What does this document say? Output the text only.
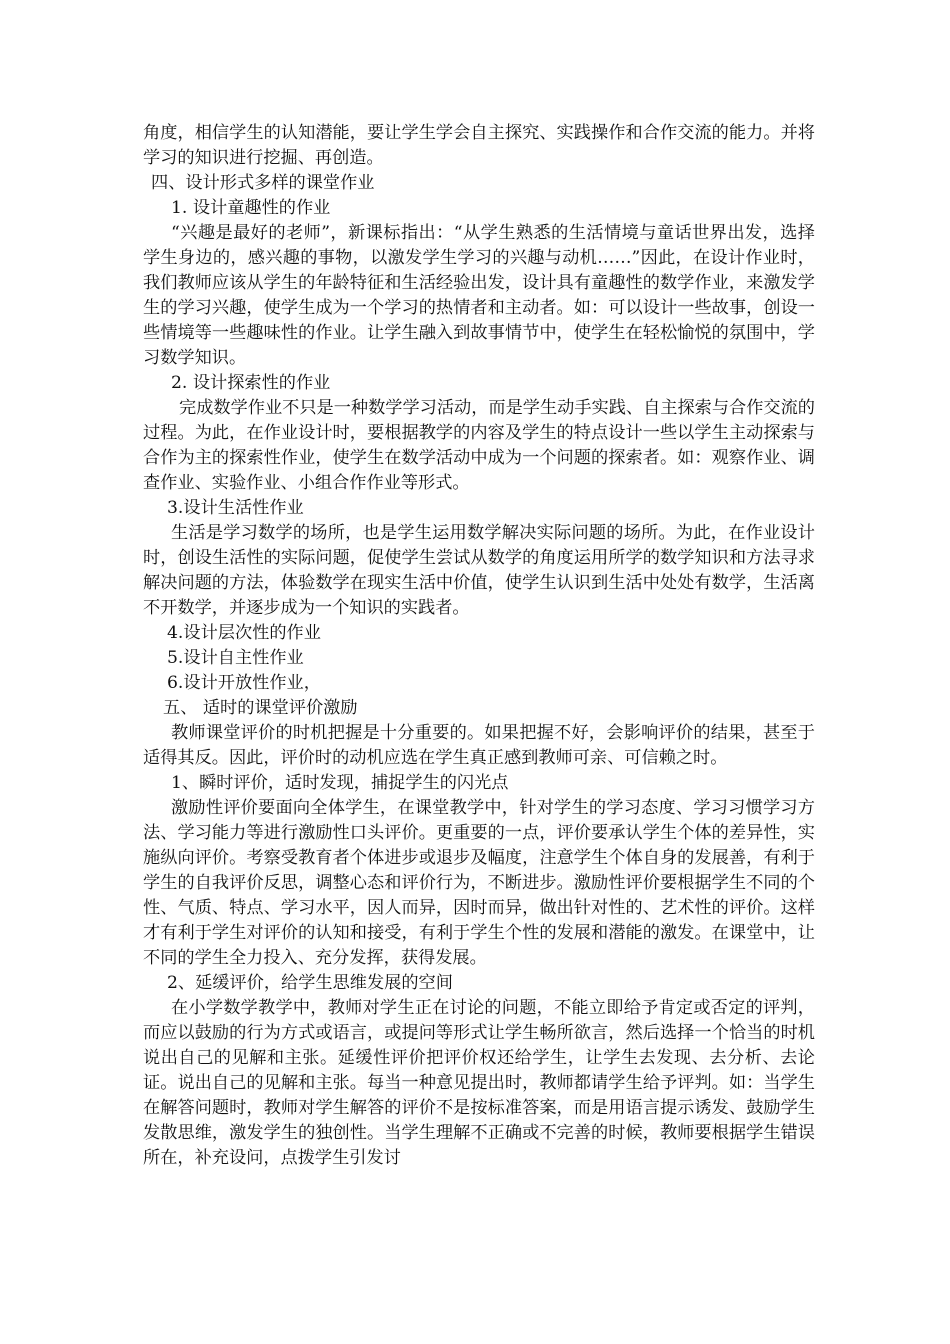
角度，相信学生的认知潜能，要让学生学会自主探究、实践操作和合作交流的能力。并将学习的知识进行挖掘、再创造。

四、设计形式多样的课堂作业

1. 设计童趣性的作业

“兴趣是最好的老师”，新课标指出：“从学生熟悉的生活情境与童话世界出发，选择学生身边的，感兴趣的事物，以激发学生学习的兴趣与动机……”因此，在设计作业时，我们教师应该从学生的年龄特征和生活经验出发，设计具有童趣性的数学作业，来激发学生的学习兴趣，使学生成为一个学习的热情者和主动者。如：可以设计一些故事，创设一些情境等一些趣味性的作业。让学生融入到故事情节中，使学生在轻松愉悦的氛围中，学习数学知识。

2. 设计探索性的作业

完成数学作业不只是一种数学学习活动，而是学生动手实践、自主探索与合作交流的过程。为此，在作业设计时，要根据教学的内容及学生的特点设计一些以学生主动探索与合作为主的探索性作业，使学生在数学活动中成为一个问题的探索者。如：观察作业、调查作业、实验作业、小组合作作业等形式。

3.设计生活性作业

生活是学习数学的场所，也是学生运用数学解决实际问题的场所。为此，在作业设计时，创设生活性的实际问题，促使学生尝试从数学的角度运用所学的数学知识和方法寻求解决问题的方法，体验数学在现实生活中价值，使学生认识到生活中处处有数学，生活离不开数学，并逐步成为一个知识的实践者。

4.设计层次性的作业

5.设计自主性作业

6.设计开放性作业，

五、 适时的课堂评价激励

教师课堂评价的时机把握是十分重要的。如果把握不好，会影响评价的结果，甚至于适得其反。因此，评价时的动机应选在学生真正感到教师可亲、可信赖之时。

1、瞬时评价，适时发现，捕捉学生的闪光点

激励性评价要面向全体学生，在课堂教学中，针对学生的学习态度、学习习惯学习方法、学习能力等进行激励性口头评价。更重要的一点，评价要承认学生个体的差异性，实施纵向评价。考察受教育者个体进步或退步及幅度，注意学生个体自身的发展善，有利于学生的自我评价反思，调整心态和评价行为，不断进步。激励性评价要根据学生不同的个性、气质、特点、学习水平，因人而异，因时而异，做出针对性的、艺术性的评价。这样才有利于学生对评价的认知和接受，有利于学生个性的发展和潜能的激发。在课堂中，让不同的学生全力投入、充分发挥，获得发展。

2、延缓评价，给学生思维发展的空间

在小学数学教学中，教师对学生正在讨论的问题，不能立即给予肯定或否定的评判，而应以鼓励的行为方式或语言，或提问等形式让学生畅所欲言，然后选择一个恰当的时机说出自己的见解和主张。延缓性评价把评价权还给学生，让学生去发现、去分析、去论证。说出自己的见解和主张。每当一种意见提出时，教师都请学生给予评判。如：当学生在解答问题时，教师对学生解答的评价不是按标准答案，而是用语言提示诱发、鼓励学生发散思维，激发学生的独创性。当学生理解不正确或不完善的时候，教师要根据学生错误所在，补充设问，点拨学生引发讨
